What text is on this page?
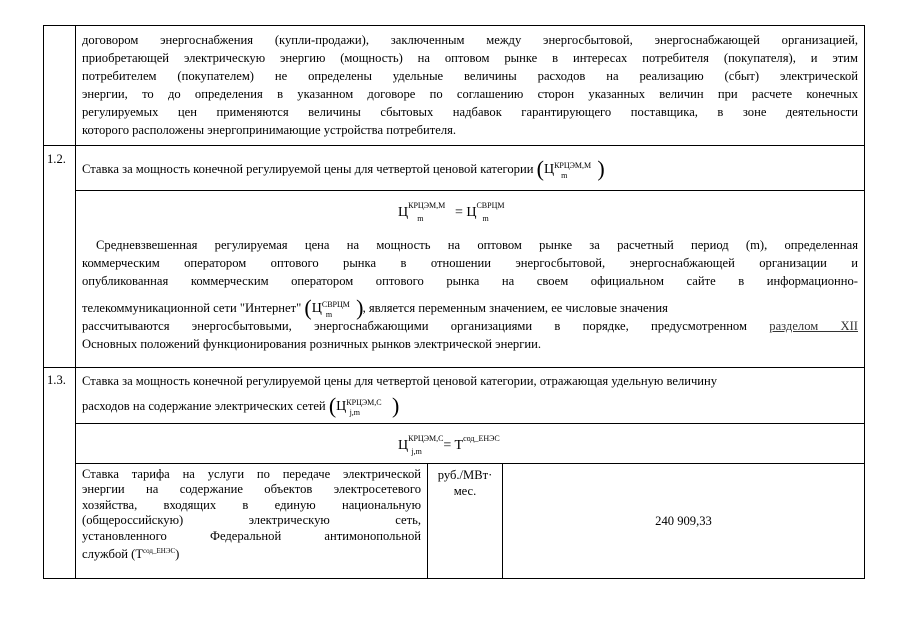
договором энергоснабжения (купли-продажи), заключенным между энергосбытовой, энергоснабжающей организацией,
приобретающей электрическую энергию (мощность) на оптовом рынке в интересах потребителя (покупателя), и этим
потребителем (покупателем) не определены удельные величины расходов на реализацию (сбыт) электрической
энергии, то до определения в указанном договоре по соглашению сторон указанных величин при расчете конечных
регулируемых цен применяются величины сбытовых надбавок гарантирующего поставщика, в зоне деятельности
которого расположены энергопринимающие устройства потребителя.
1.2.
Ставка за мощность конечной регулируемой цены для четвертой ценовой категории ($Ц^{КРЦЭМ,М}_m$ )
$Ц^{КРЦЭМ,М}_m = Ц^{СВРЦМ}_m$
Средневзвешенная регулируемая цена на мощность на оптовом рынке за расчетный период (m), определенная
коммерческим оператором оптового рынка в отношении энергосбытовой, энергоснабжающей организации и
опубликованная коммерческим оператором оптового рынка на своем официальном сайте в информационно-
телекоммуникационной сети "Интернет" ($Ц^{СВРЦМ}_m$ ) , является переменным значением, ее числовые значения
рассчитываются энергосбытовыми, энергоснабжающими организациями в порядке, предусмотренном разделом XII
Основных положений функционирования розничных рынков электрической энергии.
1.3. Ставка за мощность конечной регулируемой цены для четвертой ценовой категории, отражающая удельную величину
расходов на содержание электрических сетей ($Ц^{КРЦЭМ,С}_{j,m}$ )
$Ц^{КРЦЭМ,С}_{j,m} = T^{сод\_ЕНЭС}$
Ставка тарифа на услуги по передаче электрической
энергии на содержание объектов электросетевого
хозяйства, входящих в единую национальную
(общероссийскую) электрическую сеть,
установленного Федеральной антимонопольной
службой $(T^{сод\_ЕНЭС})$
руб./МВт·
мес.
240 909,33
